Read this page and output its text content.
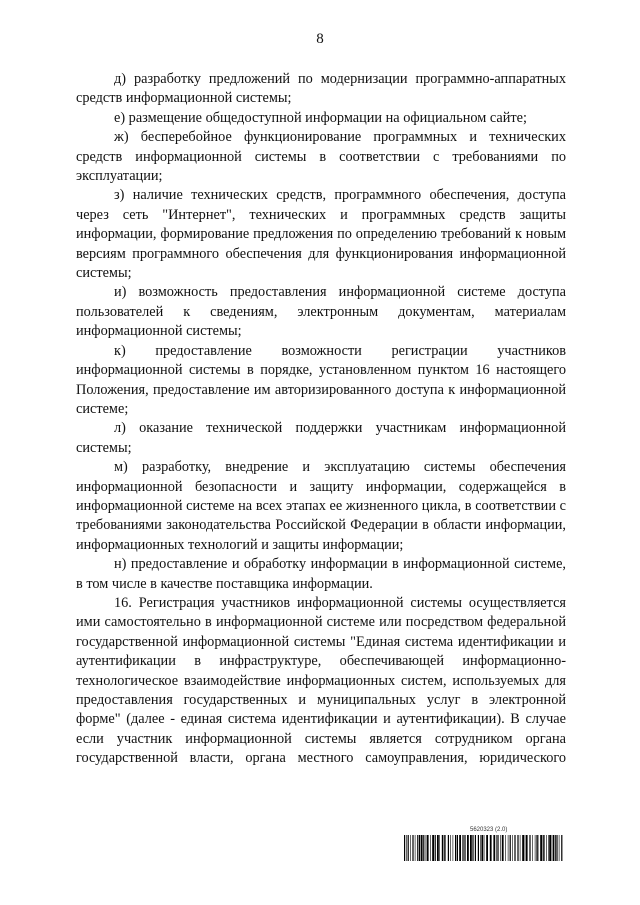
8

д) разработку предложений по модернизации программно-аппаратных средств информационной системы;

е) размещение общедоступной информации на официальном сайте;

ж) бесперебойное функционирование программных и технических средств информационной системы в соответствии с требованиями по эксплуатации;

з) наличие технических средств, программного обеспечения, доступа через сеть "Интернет", технических и программных средств защиты информации, формирование предложения по определению требований к новым версиям программного обеспечения для функционирования информационной системы;

и) возможность предоставления информационной системе доступа пользователей к сведениям, электронным документам, материалам информационной системы;

к) предоставление возможности регистрации участников информационной системы в порядке, установленном пунктом 16 настоящего Положения, предоставление им авторизированного доступа к информационной системе;

л) оказание технической поддержки участникам информационной системы;

м) разработку, внедрение и эксплуатацию системы обеспечения информационной безопасности и защиту информации, содержащейся в информационной системе на всех этапах ее жизненного цикла, в соответствии с требованиями законодательства Российской Федерации в области информации, информационных технологий и защиты информации;

н) предоставление и обработку информации в информационной системе, в том числе в качестве поставщика информации.

16. Регистрация участников информационной системы осуществляется ими самостоятельно в информационной системе или посредством федеральной государственной информационной системы "Единая система идентификации и аутентификации в инфраструктуре, обеспечивающей информационно-технологическое взаимодействие информационных систем, используемых для предоставления государственных и муниципальных услуг в электронной форме" (далее - единая система идентификации и аутентификации). В случае если участник информационной системы является сотрудником органа государственной власти, органа местного самоуправления, юридического

5620323 (2.0)
